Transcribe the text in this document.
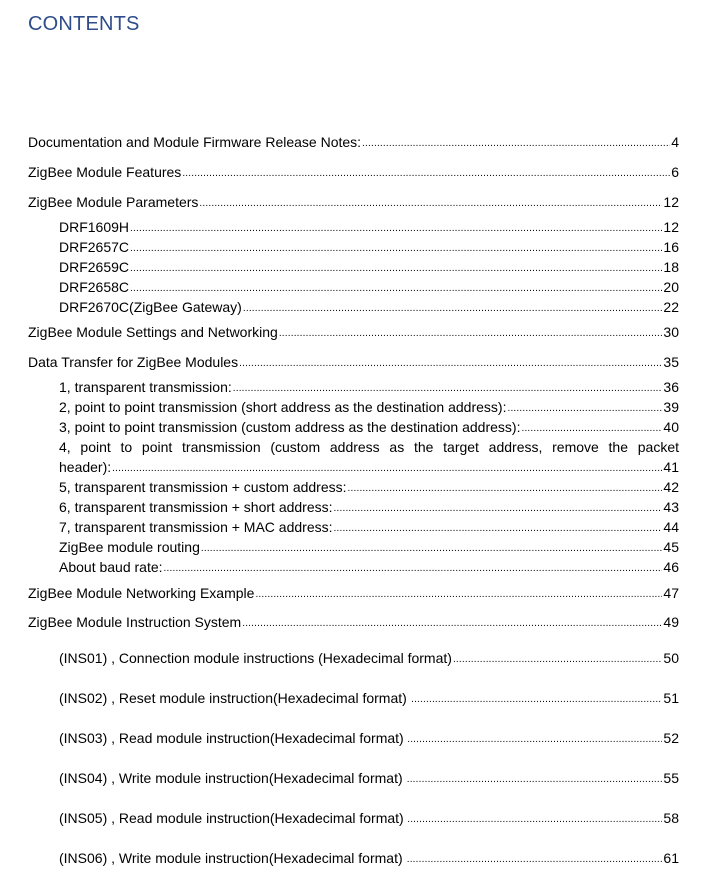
CONTENTS
Documentation and Module Firmware Release Notes: .....	4
ZigBee Module Features .....	6
ZigBee Module Parameters .....	12
DRF1609H .....	12
DRF2657C .....	16
DRF2659C .....	18
DRF2658C .....	20
DRF2670C(ZigBee Gateway) .....	22
ZigBee Module Settings and Networking .....	30
Data Transfer for ZigBee Modules .....	35
1, transparent transmission: .....	36
2, point to point transmission (short address as the destination address): .....	39
3, point to point transmission (custom address as the destination address): .....	40
4, point to point transmission (custom address as the target address, remove the packet
header): .....	41
5, transparent transmission + custom address: .....	42
6, transparent transmission + short address: .....	43
7, transparent transmission + MAC address: .....	44
ZigBee module routing .....	45
About baud rate: .....	46
ZigBee Module Networking Example .....	47
ZigBee Module Instruction System .....	49
(INS01) , Connection module instructions (Hexadecimal format) .....	50
(INS02) , Reset module instruction(Hexadecimal format) .....	51
(INS03) , Read module instruction(Hexadecimal format) .....	52
(INS04) , Write module instruction(Hexadecimal format) .....	55
(INS05) , Read module instruction(Hexadecimal format) .....	58
(INS06) , Write module instruction(Hexadecimal format) .....	61
